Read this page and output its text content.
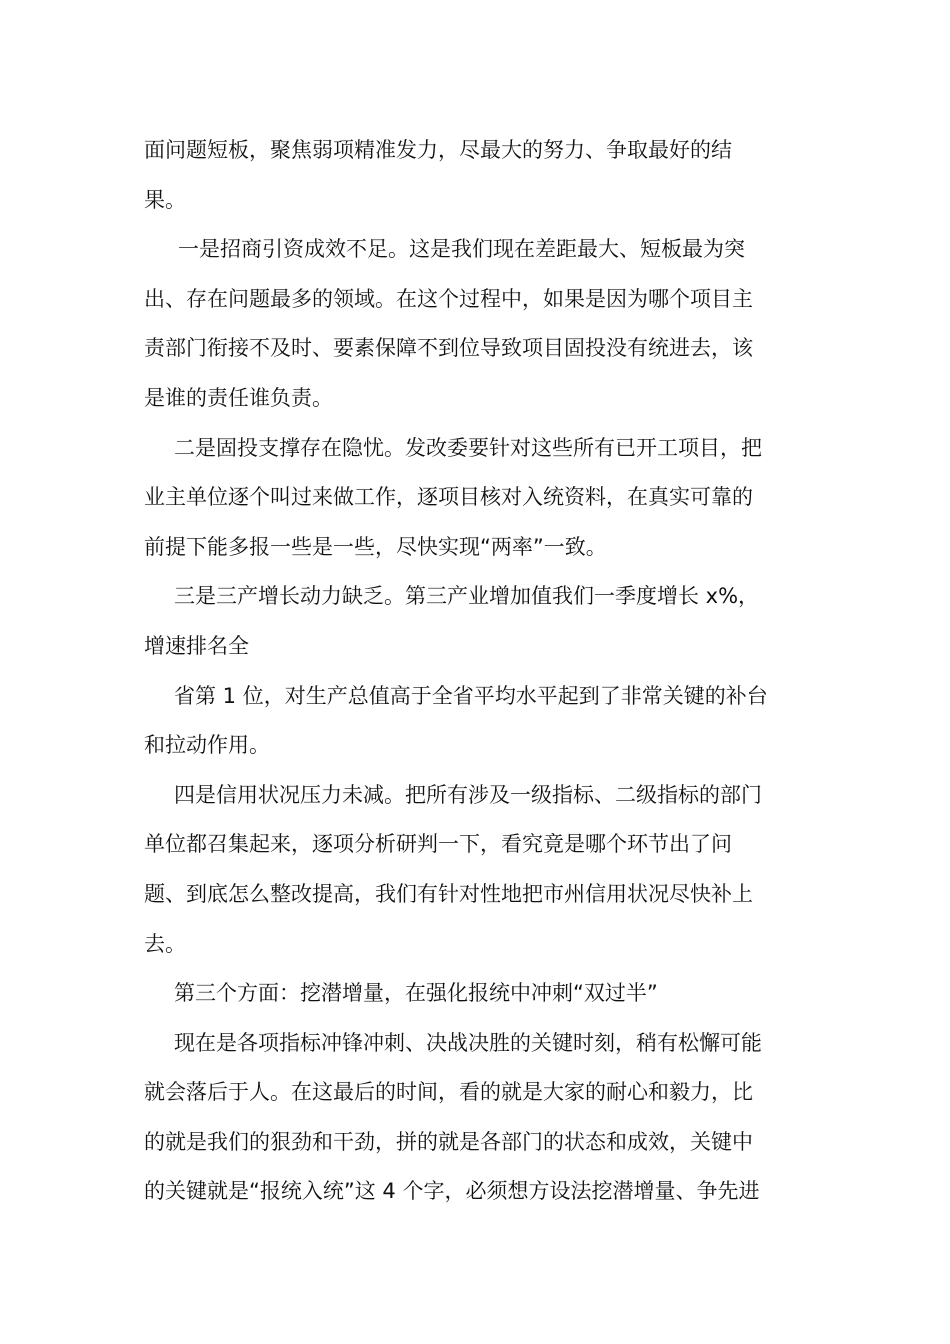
面问题短板，聚焦弱项精准发力，尽最大的努力、争取最好的结
果。

一是招商引资成效不足。这是我们现在差距最大、短板最为突
出、存在问题最多的领域。在这个过程中，如果是因为哪个项目主
责部门衔接不及时、要素保障不到位导致项目固投没有统进去，该
是谁的责任谁负责。

二是固投支撑存在隐忧。发改委要针对这些所有已开工项目，把
业主单位逐个叫过来做工作，逐项目核对入统资料，在真实可靠的
前提下能多报一些是一些，尽快实现“两率”一致。

三是三产增长动力缺乏。第三产业增加值我们一季度增长 x%，
增速排名全

省第 1 位，对生产总值高于全省平均水平起到了非常关键的补台
和拉动作用。

四是信用状况压力未减。把所有涉及一级指标、二级指标的部门
单位都召集起来，逐项分析研判一下，看究竟是哪个环节出了问
题、到底怎么整改提高，我们有针对性地把市州信用状况尽快补上
去。

第三个方面：挖潜增量，在强化报统中冲刺“双过半”

现在是各项指标冲锋冲刺、决战决胜的关键时刻，稍有松懈可能
就会落后于人。在这最后的时间，看的就是大家的耐心和毅力，比
的就是我们的狠劲和干劲，拼的就是各部门的状态和成效，关键中
的关键就是“报统入统”这 4 个字，必须想方设法挖潜增量、争先进
